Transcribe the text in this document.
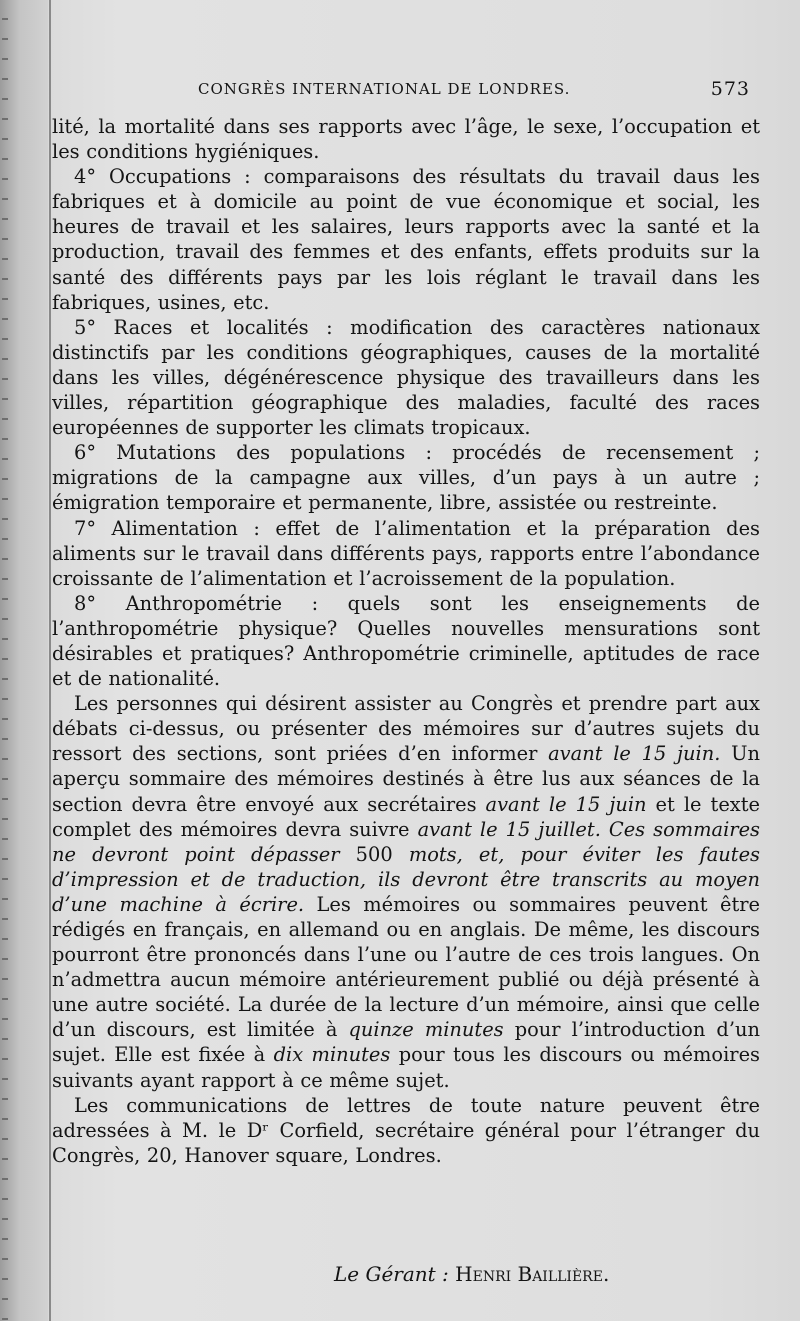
CONGRÈS INTERNATIONAL DE LONDRES.	573

lité, la mortalité dans ses rapports avec l’âge, le sexe, l’occupation et les conditions hygiéniques.

4° Occupations : comparaisons des résultats du travail daus les fabriques et à domicile au point de vue économique et social, les heures de travail et les salaires, leurs rapports avec la santé et la production, travail des femmes et des enfants, effets produits sur la santé des différents pays par les lois réglant le travail dans les fabriques, usines, etc.

5° Races et localités : modification des caractères nationaux distinctifs par les conditions géographiques, causes de la mortalité dans les villes, dégénérescence physique des travailleurs dans les villes, répartition géographique des maladies, faculté des races européennes de supporter les climats tropicaux.

6° Mutations des populations : procédés de recensement ; migrations de la campagne aux villes, d’un pays à un autre ; émigration temporaire et permanente, libre, assistée ou restreinte.

7° Alimentation : effet de l’alimentation et la préparation des aliments sur le travail dans différents pays, rapports entre l’abondance croissante de l’alimentation et l’acroissement de la population.

8° Anthropométrie : quels sont les enseignements de l’anthropométrie physique? Quelles nouvelles mensurations sont désirables et pratiques? Anthropométrie criminelle, aptitudes de race et de nationalité.

Les personnes qui désirent assister au Congrès et prendre part aux débats ci-dessus, ou présenter des mémoires sur d’autres sujets du ressort des sections, sont priées d’en informer avant le 15 juin. Un aperçu sommaire des mémoires destinés à être lus aux séances de la section devra être envoyé aux secrétaires avant le 15 juin et le texte complet des mémoires devra suivre avant le 15 juillet. Ces sommaires ne devront point dépasser 500 mots, et, pour éviter les fautes d’impression et de traduction, ils devront être transcrits au moyen d’une machine à écrire. Les mémoires ou sommaires peuvent être rédigés en français, en allemand ou en anglais. De même, les discours pourront être prononcés dans l’une ou l’autre de ces trois langues. On n’admettra aucun mémoire antérieurement publié ou déjà présenté à une autre société. La durée de la lecture d’un mémoire, ainsi que celle d’un discours, est limitée à quinze minutes pour l’introduction d’un sujet. Elle est fixée à dix minutes pour tous les discours ou mémoires suivants ayant rapport à ce même sujet.

Les communications de lettres de toute nature peuvent être adressées à M. le Dʳ Corfield, secrétaire général pour l’étranger du Congrès, 20, Hanover square, Londres.

Le Gérant : Henri Baillière.
